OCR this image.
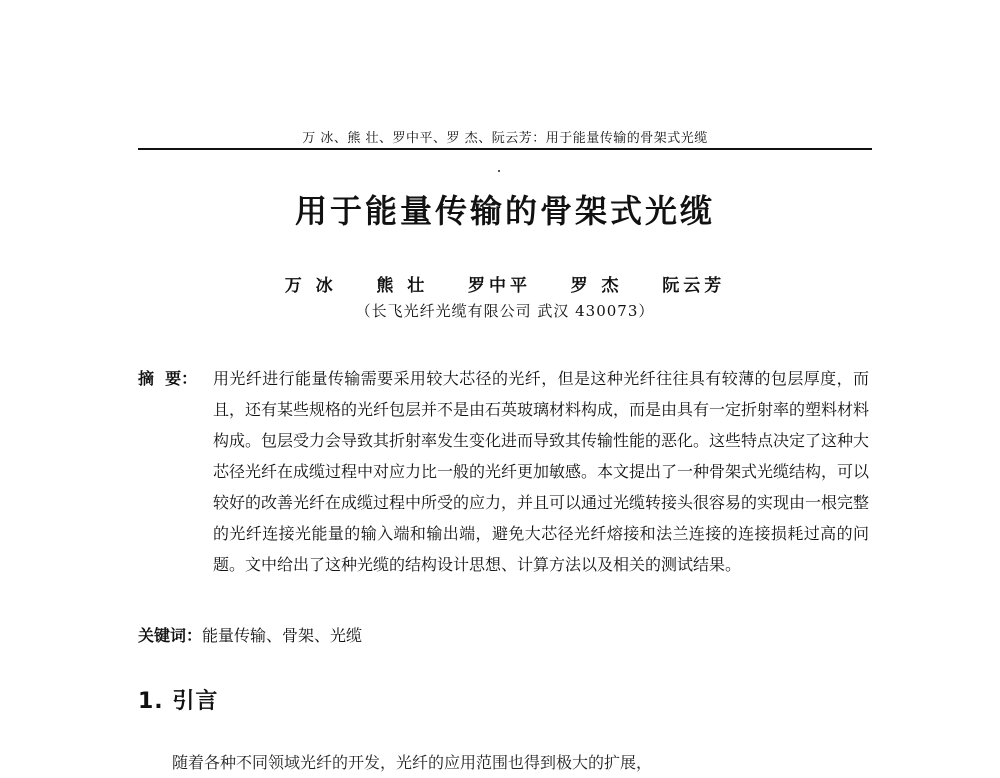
万 冰、熊 壮、罗中平、罗 杰、阮云芳：用于能量传输的骨架式光缆
用于能量传输的骨架式光缆
万 冰    熊 壮    罗中平    罗 杰    阮云芳
（长飞光纤光缆有限公司 武汉 430073）
摘  要： 用光纤进行能量传输需要采用较大芯径的光纤，但是这种光纤往往具有较薄的包层厚度，而且，还有某些规格的光纤包层并不是由石英玻璃材料构成，而是由具有一定折射率的塑料材料构成。包层受力会导致其折射率发生变化进而导致其传输性能的恶化。这些特点决定了这种大芯径光纤在成缆过程中对应力比一般的光纤更加敏感。本文提出了一种骨架式光缆结构，可以较好的改善光纤在成缆过程中所受的应力，并且可以通过光缆转接头很容易的实现由一根完整的光纤连接光能量的输入端和输出端，避免大芯径光纤熔接和法兰连接的连接损耗过高的问题。文中给出了这种光缆的结构设计思想、计算方法以及相关的测试结果。
关键词：能量传输、骨架、光缆
1. 引言
随着各种不同领域光纤的开发，光纤的应用范围也得到极大的扩展，
